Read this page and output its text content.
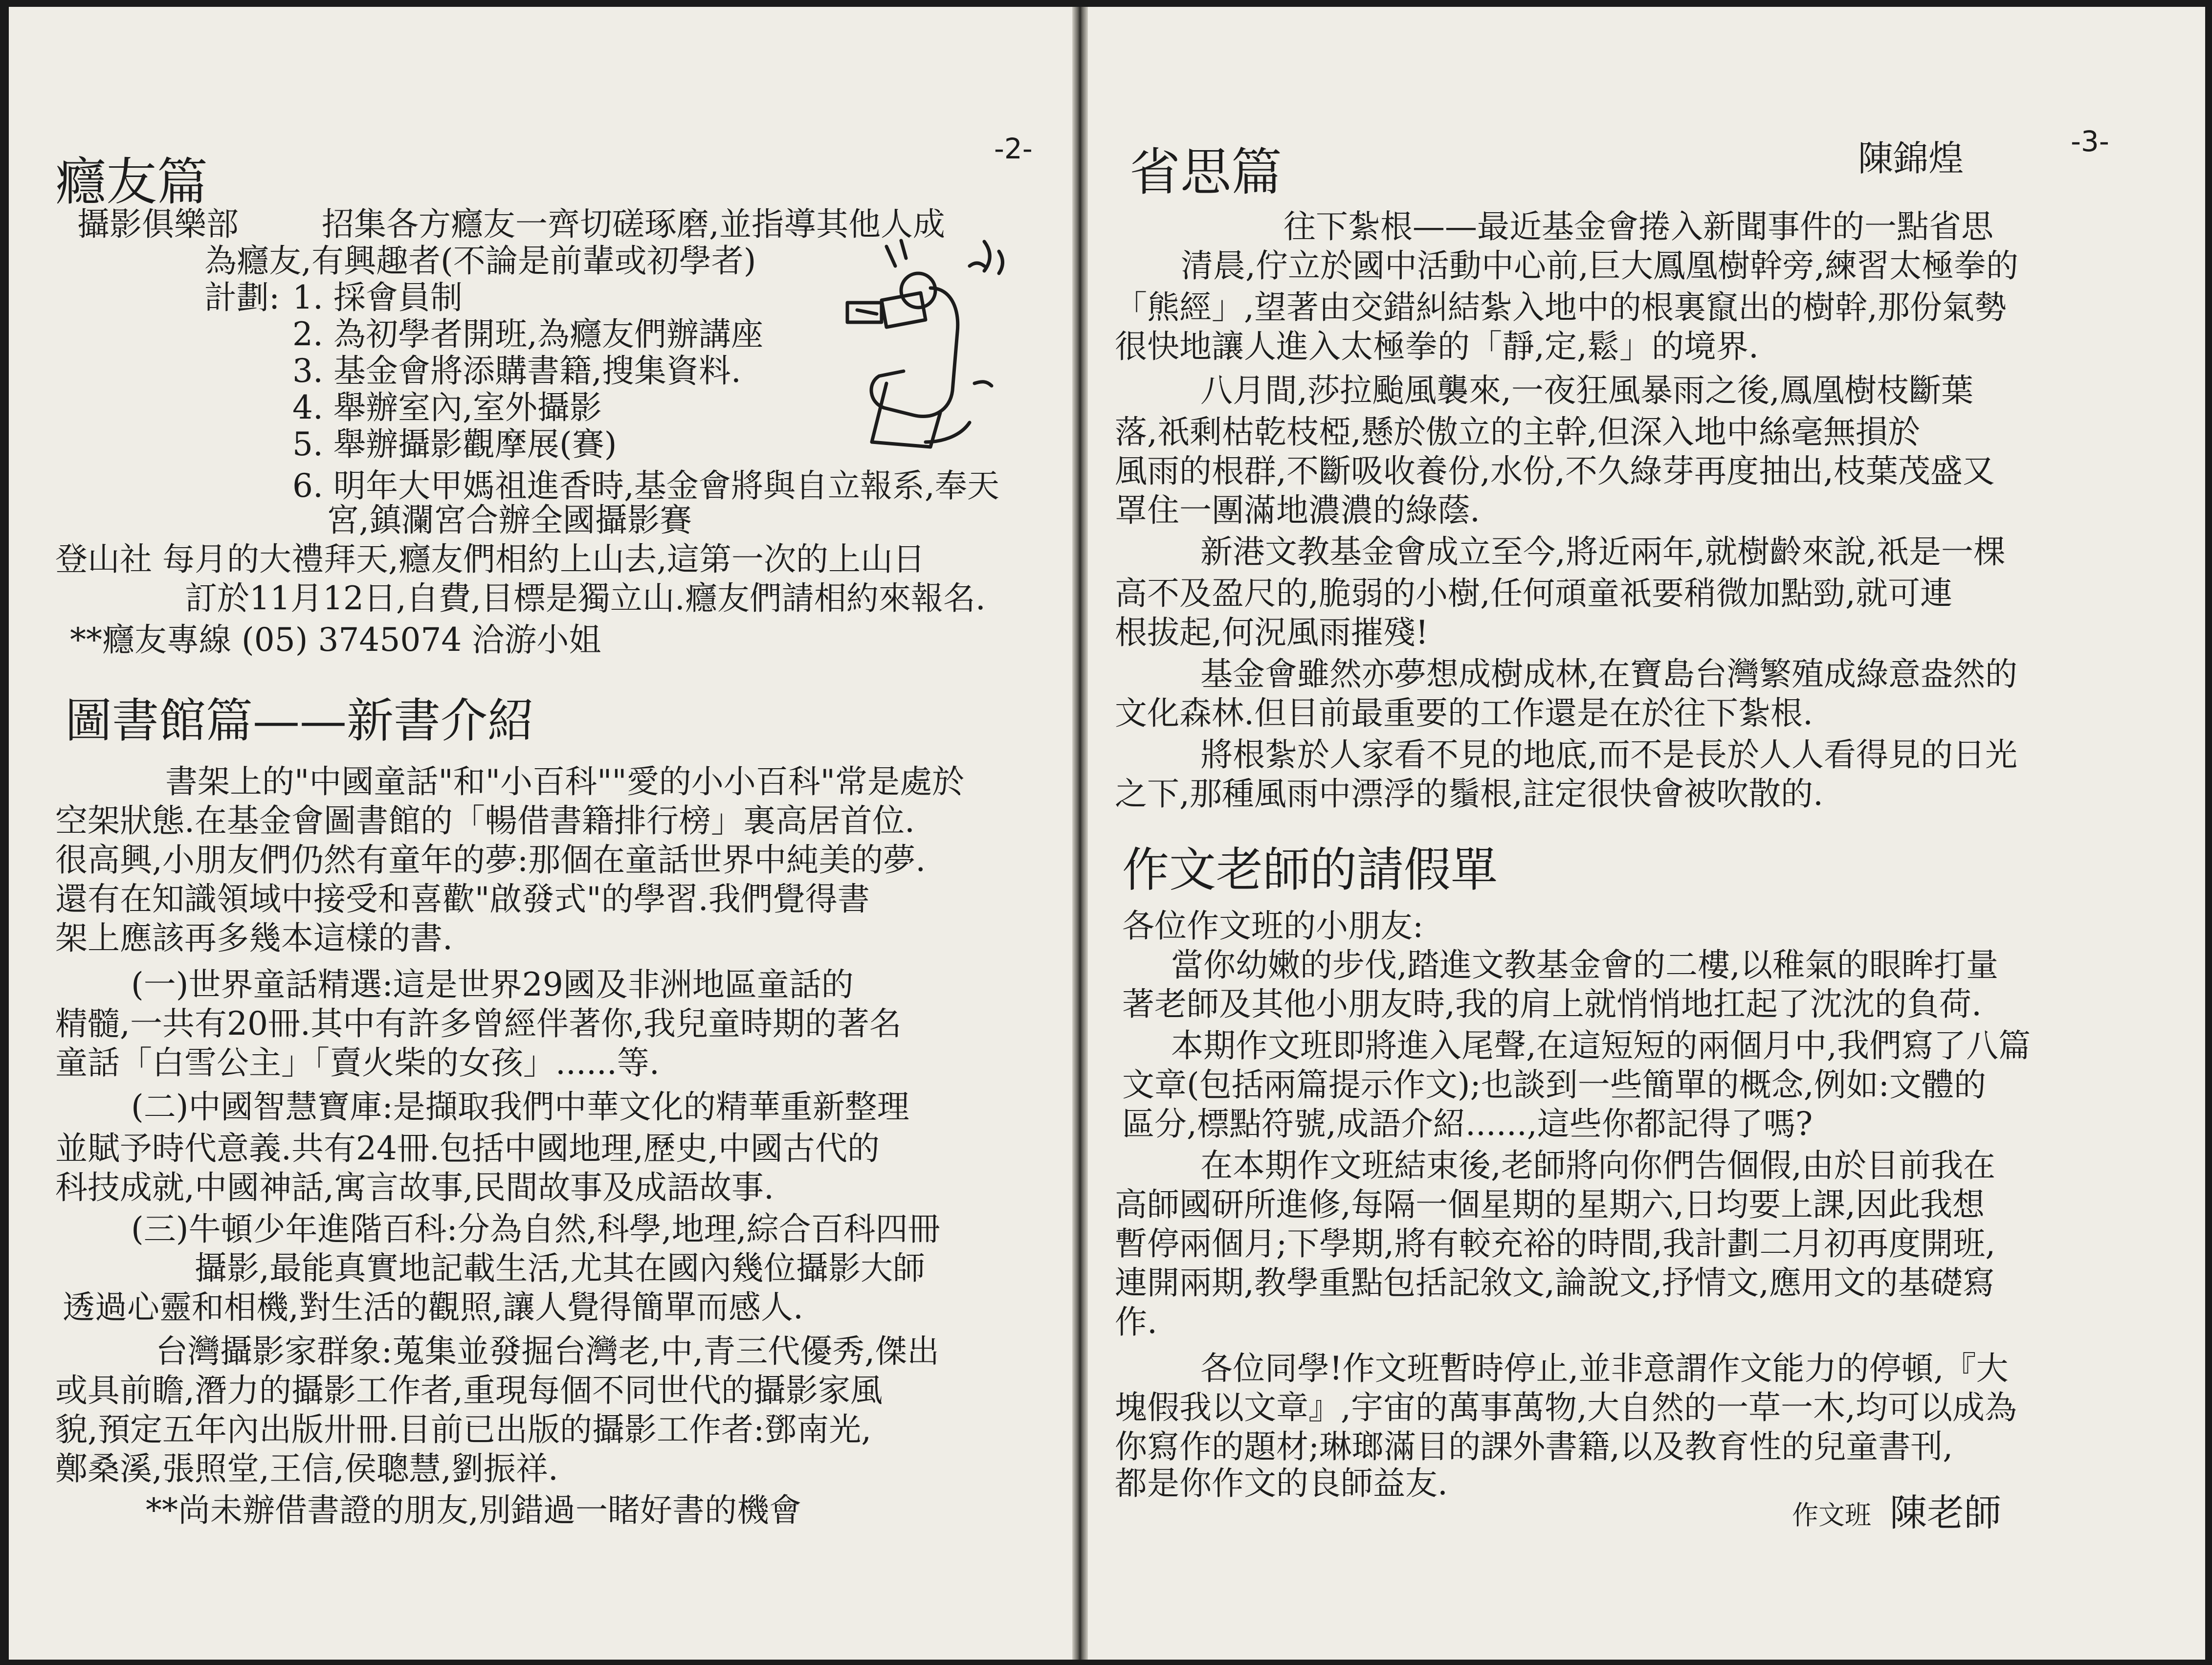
-2-
癮友篇
攝影俱樂部	招集各方癮友一齊切磋琢磨,並指導其他人成
為癮友,有興趣者(不論是前輩或初學者)
計劃: 1. 採會員制
2. 為初學者開班,為癮友們辦講座
3. 基金會將添購書籍,搜集資料.
4. 舉辦室內,室外攝影
5. 舉辦攝影觀摩展(賽)
6. 明年大甲媽祖進香時,基金會將與自立報系,奉天
宮,鎮瀾宮合辦全國攝影賽
登山社 每月的大禮拜天,癮友們相約上山去,這第一次的上山日
訂於11月12日,自費,目標是獨立山.癮友們請相約來報名.
**癮友專線 (05) 3745074 洽游小姐
圖書館篇——新書介紹
書架上的"中國童話"和"小百科""愛的小小百科"常是處於
空架狀態.在基金會圖書館的「暢借書籍排行榜」裏高居首位.
很高興,小朋友們仍然有童年的夢:那個在童話世界中純美的夢.
還有在知識領域中接受和喜歡"啟發式"的學習.我們覺得書
架上應該再多幾本這樣的書.
(一)世界童話精選:這是世界29國及非洲地區童話的
精髓,一共有20冊.其中有許多曾經伴著你,我兒童時期的著名
童話「白雪公主」「賣火柴的女孩」......等.
(二)中國智慧寶庫:是擷取我們中華文化的精華重新整理
並賦予時代意義.共有24冊.包括中國地理,歷史,中國古代的
科技成就,中國神話,寓言故事,民間故事及成語故事.
(三)牛頓少年進階百科:分為自然,科學,地理,綜合百科四冊
攝影,最能真實地記載生活,尤其在國內幾位攝影大師
透過心靈和相機,對生活的觀照,讓人覺得簡單而感人.
台灣攝影家群象:蒐集並發掘台灣老,中,青三代優秀,傑出
或具前瞻,潛力的攝影工作者,重現每個不同世代的攝影家風
貌,預定五年內出版卅冊.目前已出版的攝影工作者:鄧南光,
鄭桑溪,張照堂,王信,侯聰慧,劉振祥.
**尚未辦借書證的朋友,別錯過一睹好書的機會
-3-
省思篇	陳錦煌
往下紮根——最近基金會捲入新聞事件的一點省思
清晨,佇立於國中活動中心前,巨大鳳凰樹幹旁,練習太極拳的
「熊經」,望著由交錯糾結紮入地中的根裏竄出的樹幹,那份氣勢
很快地讓人進入太極拳的「靜,定,鬆」的境界.
八月間,莎拉颱風襲來,一夜狂風暴雨之後,鳳凰樹枝斷葉
落,祇剩枯乾枝椏,懸於傲立的主幹,但深入地中絲毫無損於
風雨的根群,不斷吸收養份,水份,不久綠芽再度抽出,枝葉茂盛又
罩住一團滿地濃濃的綠蔭.
新港文教基金會成立至今,將近兩年,就樹齡來說,祇是一棵
高不及盈尺的,脆弱的小樹,任何頑童祇要稍微加點勁,就可連
根拔起,何況風雨摧殘!
基金會雖然亦夢想成樹成林,在寶島台灣繁殖成綠意盎然的
文化森林.但目前最重要的工作還是在於往下紮根.
將根紮於人家看不見的地底,而不是長於人人看得見的日光
之下,那種風雨中漂浮的鬚根,註定很快會被吹散的.
作文老師的請假單
各位作文班的小朋友:
當你幼嫩的步伐,踏進文教基金會的二樓,以稚氣的眼眸打量
著老師及其他小朋友時,我的肩上就悄悄地扛起了沈沈的負荷.
本期作文班即將進入尾聲,在這短短的兩個月中,我們寫了八篇
文章(包括兩篇提示作文);也談到一些簡單的概念,例如:文體的
區分,標點符號,成語介紹......,這些你都記得了嗎?
在本期作文班結束後,老師將向你們告個假,由於目前我在
高師國研所進修,每隔一個星期的星期六,日均要上課,因此我想
暫停兩個月;下學期,將有較充裕的時間,我計劃二月初再度開班,
連開兩期,教學重點包括記敘文,論說文,抒情文,應用文的基礎寫
作.
各位同學!作文班暫時停止,並非意謂作文能力的停頓,『大
塊假我以文章』,宇宙的萬事萬物,大自然的一草一木,均可以成為
你寫作的題材;琳瑯滿目的課外書籍,以及教育性的兒童書刊,
都是你作文的良師益友.
作文班 陳老師
